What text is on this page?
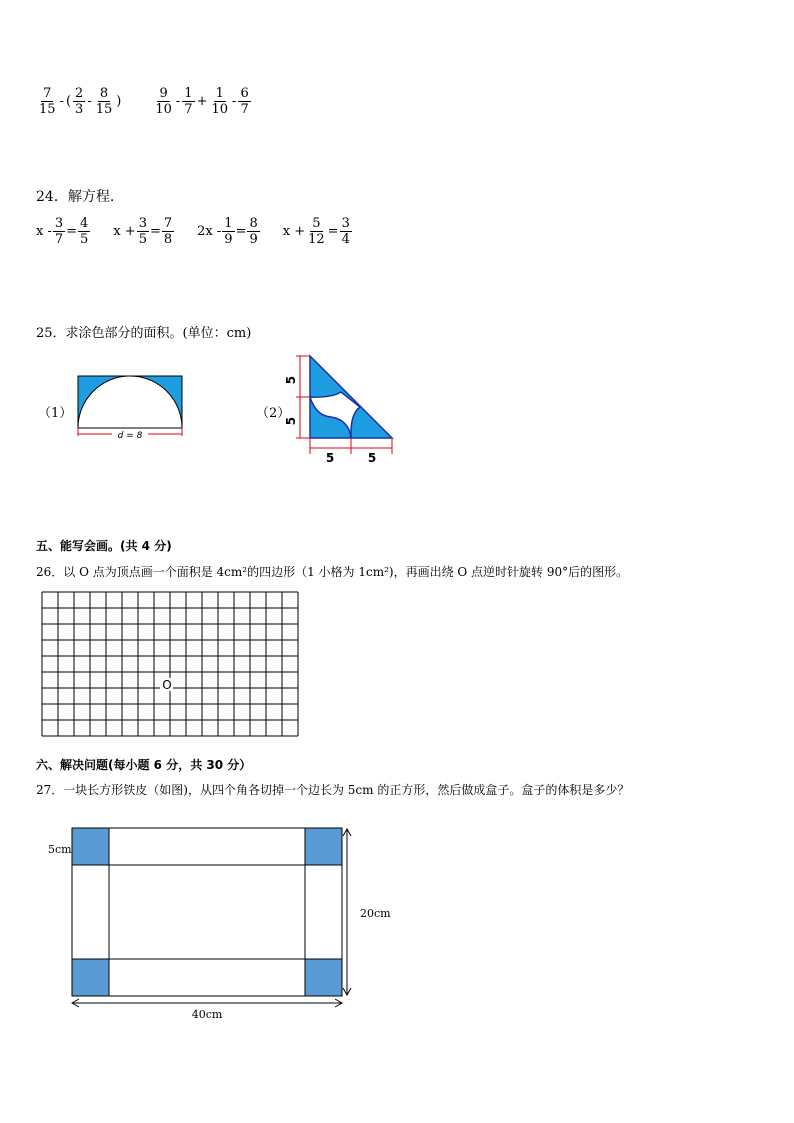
$\frac{7}{15}$ - ( $\frac{2}{3} - \frac{8}{15}$ ) $\frac{9}{10} - \frac{1}{7} + \frac{1}{10} - \frac{6}{7}$
24．解方程.
$x - \frac{3}{7} = \frac{4}{5}$ $x + \frac{3}{5} = \frac{7}{8} 2x - \frac{1}{9} = \frac{8}{9}$ $x + \frac{5}{12} = \frac{3}{4}$
25．求涂色部分的面积。(单位：cm)
（1）
d = 8
（2）
5
5
5	5
五、能写会画。(共 4 分)
26．以 O 点为顶点画一个面积是 4cm²的四边形（1 小格为 1cm²)，再画出绕 O 点逆时针旋转 90°后的图形。
O
六、解决问题(每小题 6 分，共 30 分）
27．一块长方形铁皮（如图)，从四个角各切掉一个边长为 5cm 的正方形，然后做成盒子。盒子的体积是多少？
5cm
20cm
40cm
